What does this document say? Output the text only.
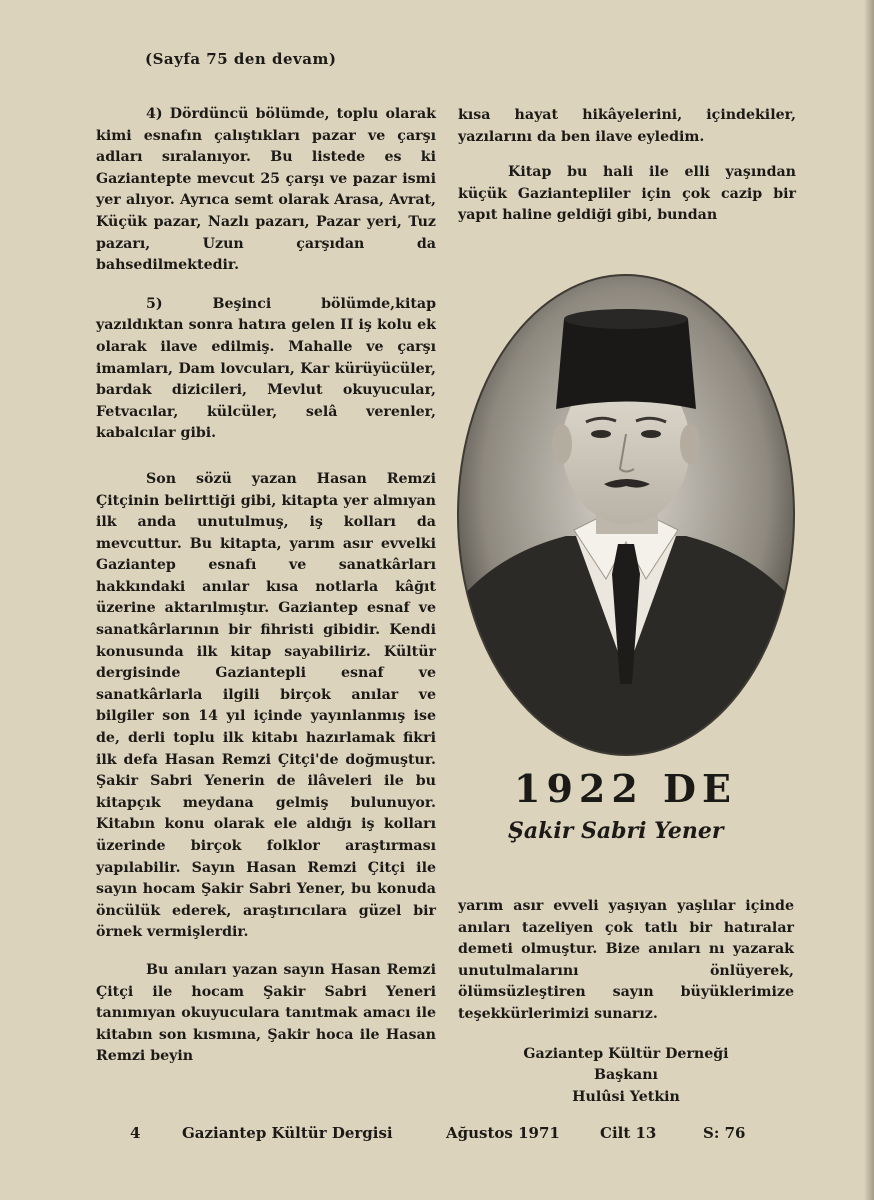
(Sayfa 75 den devam)

4) Dördüncü bölümde, toplu olarak kimi esnafın çalıştıkları pazar ve çarşı adları sıralanıyor. Bu listede es ki Gaziantepte mevcut 25 çarşı ve pazar ismi yer alıyor. Ayrıca semt olarak Arasa, Avrat, Küçük pazar, Nazlı pazarı, Pazar yeri, Tuz pazarı, Uzun çarşıdan da bahsedilmektedir.

5) Beşinci bölümde,kitap yazıldıktan sonra hatıra gelen II iş kolu ek olarak ilave edilmiş. Mahalle ve çarşı imamları, Dam lovcuları, Kar kürüyücüler, bardak dizicileri, Mevlut okuyucular, Fetvacılar, külcüler, selâ verenler, kabalcılar gibi.

Son sözü yazan Hasan Remzi Çitçinin belirttiği gibi, kitapta yer almıyan ilk anda unutulmuş, iş kolları da mevcuttur. Bu kitapta, yarım asır evvelki Gaziantep esnafı ve sanatkârları hakkındaki anılar kısa notlarla kâğıt üzerine aktarılmıştır. Gaziantep esnaf ve sanatkârlarının bir fihristi gibidir. Kendi konusunda ilk kitap sayabiliriz. Kültür dergisinde Gaziantepli esnaf ve sanatkârlarla ilgili birçok anılar ve bilgiler son 14 yıl içinde yayınlanmış ise de, derli toplu ilk kitabı hazırlamak fikri ilk defa Hasan Remzi Çitçi'de doğmuştur. Şakir Sabri Yenerin de ilâveleri ile bu kitapçık meydana gelmiş bulunuyor. Kitabın konu olarak ele aldığı iş kolları üzerinde birçok folklor araştırması yapılabilir. Sayın Hasan Remzi Çitçi ile sayın hocam Şakir Sabri Yener, bu konuda öncülük ederek, araştırıcılara güzel bir örnek vermişlerdir.

Bu anıları yazan sayın Hasan Remzi Çitçi ile hocam Şakir Sabri Yeneri tanımıyan okuyuculara tanıtmak amacı ile kitabın son kısmına, Şakir hoca ile Hasan Remzi beyin

kısa hayat hikâyelerini, içindekiler, yazılarını da ben ilave eyledim.

Kitap bu hali ile elli yaşından küçük Gaziantepliler için çok cazip bir yapıt haline geldiği gibi, bundan

1922 DE
Şakir Sabri Yener

yarım asır evveli yaşıyan yaşlılar içinde anıları tazeliyen çok tatlı bir hatıralar demeti olmuştur. Bize anıları nı yazarak unutulmalarını önlüyerek, ölümsüzleştiren sayın büyüklerimize teşekkürlerimizi sunarız.

Gaziantep Kültür Derneği
Başkanı
Hulûsi Yetkin
4	Gaziantep Kültür Dergisi	Ağustos 1971	Cilt 13	S: 76
